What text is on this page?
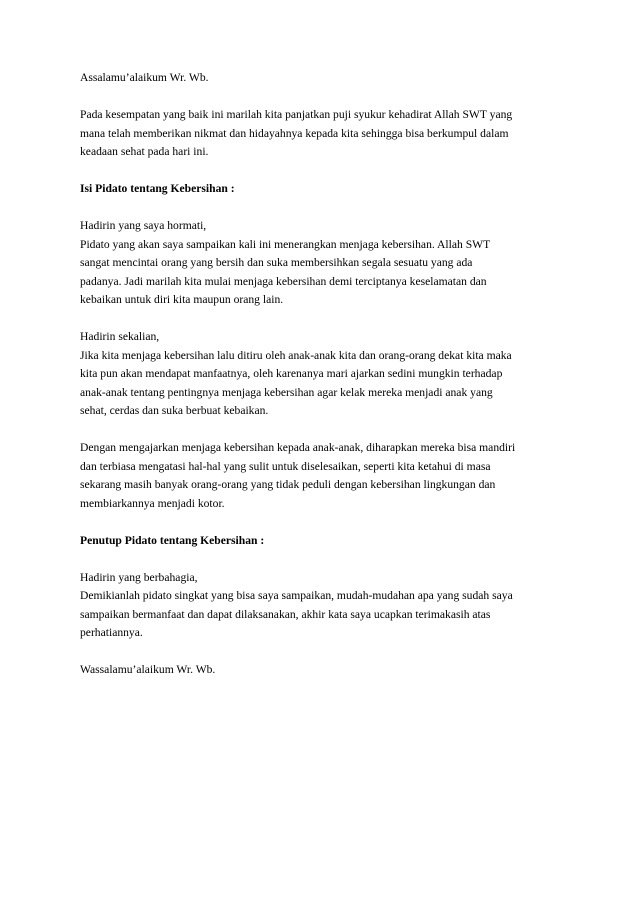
Assalamu’alaikum Wr. Wb.
Pada kesempatan yang baik ini marilah kita panjatkan puji syukur kehadirat Allah SWT yang
mana telah memberikan nikmat dan hidayahnya kepada kita sehingga bisa berkumpul dalam
keadaan sehat pada hari ini.
Isi Pidato tentang Kebersihan :
Hadirin yang saya hormati,
Pidato yang akan saya sampaikan kali ini menerangkan menjaga kebersihan. Allah SWT
sangat mencintai orang yang bersih dan suka membersihkan segala sesuatu yang ada
padanya. Jadi marilah kita mulai menjaga kebersihan demi terciptanya keselamatan dan
kebaikan untuk diri kita maupun orang lain.
Hadirin sekalian,
Jika kita menjaga kebersihan lalu ditiru oleh anak-anak kita dan orang-orang dekat kita maka
kita pun akan mendapat manfaatnya, oleh karenanya mari ajarkan sedini mungkin terhadap
anak-anak tentang pentingnya menjaga kebersihan agar kelak mereka menjadi anak yang
sehat, cerdas dan suka berbuat kebaikan.
Dengan mengajarkan menjaga kebersihan kepada anak-anak, diharapkan mereka bisa mandiri
dan terbiasa mengatasi hal-hal yang sulit untuk diselesaikan, seperti kita ketahui di masa
sekarang masih banyak orang-orang yang tidak peduli dengan kebersihan lingkungan dan
membiarkannya menjadi kotor.
Penutup Pidato tentang Kebersihan :
Hadirin yang berbahagia,
Demikianlah pidato singkat yang bisa saya sampaikan, mudah-mudahan apa yang sudah saya
sampaikan bermanfaat dan dapat dilaksanakan, akhir kata saya ucapkan terimakasih atas
perhatiannya.
Wassalamu’alaikum Wr. Wb.
